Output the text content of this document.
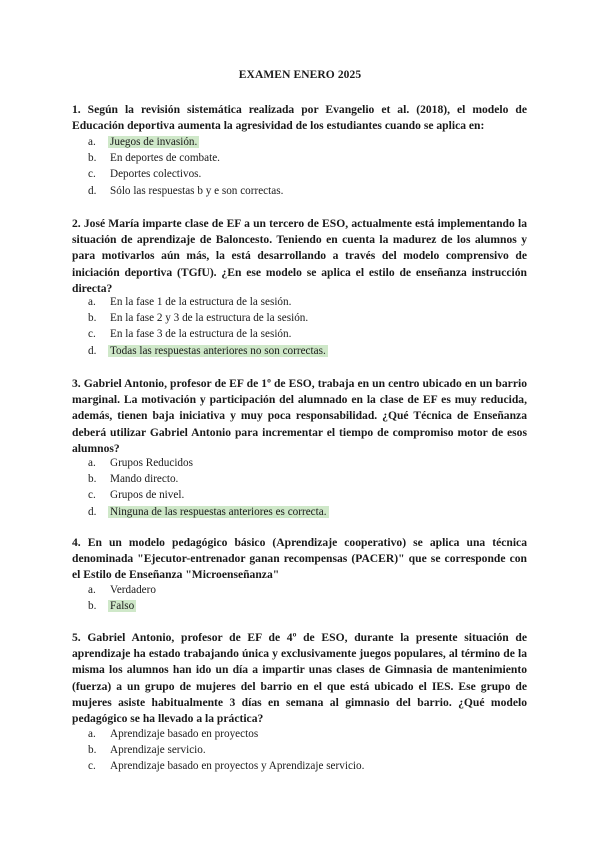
EXAMEN ENERO 2025
1. Según la revisión sistemática realizada por Evangelio et al. (2018), el modelo de Educación deportiva aumenta la agresividad de los estudiantes cuando se aplica en:
a. Juegos de invasión.
b. En deportes de combate.
c. Deportes colectivos.
d. Sólo las respuestas b y e son correctas.
2. José María imparte clase de EF a un tercero de ESO, actualmente está implementando la situación de aprendizaje de Baloncesto. Teniendo en cuenta la madurez de los alumnos y para motivarlos aún más, la está desarrollando a través del modelo comprensivo de iniciación deportiva (TGfU). ¿En ese modelo se aplica el estilo de enseñanza instrucción directa?
a. En la fase 1 de la estructura de la sesión.
b. En la fase 2 y 3 de la estructura de la sesión.
c. En la fase 3 de la estructura de la sesión.
d. Todas las respuestas anteriores no son correctas.
3. Gabriel Antonio, profesor de EF de 1º de ESO, trabaja en un centro ubicado en un barrio marginal. La motivación y participación del alumnado en la clase de EF es muy reducida, además, tienen baja iniciativa y muy poca responsabilidad. ¿Qué Técnica de Enseñanza deberá utilizar Gabriel Antonio para incrementar el tiempo de compromiso motor de esos alumnos?
a. Grupos Reducidos
b. Mando directo.
c. Grupos de nivel.
d. Ninguna de las respuestas anteriores es correcta.
4. En un modelo pedagógico básico (Aprendizaje cooperativo) se aplica una técnica denominada "Ejecutor-entrenador ganan recompensas (PACER)" que se corresponde con el Estilo de Enseñanza "Microenseñanza"
a. Verdadero
b. Falso
5. Gabriel Antonio, profesor de EF de 4º de ESO, durante la presente situación de aprendizaje ha estado trabajando única y exclusivamente juegos populares, al término de la misma los alumnos han ido un día a impartir unas clases de Gimnasia de mantenimiento (fuerza) a un grupo de mujeres del barrio en el que está ubicado el IES. Ese grupo de mujeres asiste habitualmente 3 días en semana al gimnasio del barrio. ¿Qué modelo pedagógico se ha llevado a la práctica?
a. Aprendizaje basado en proyectos
b. Aprendizaje servicio.
c. Aprendizaje basado en proyectos y Aprendizaje servicio.
